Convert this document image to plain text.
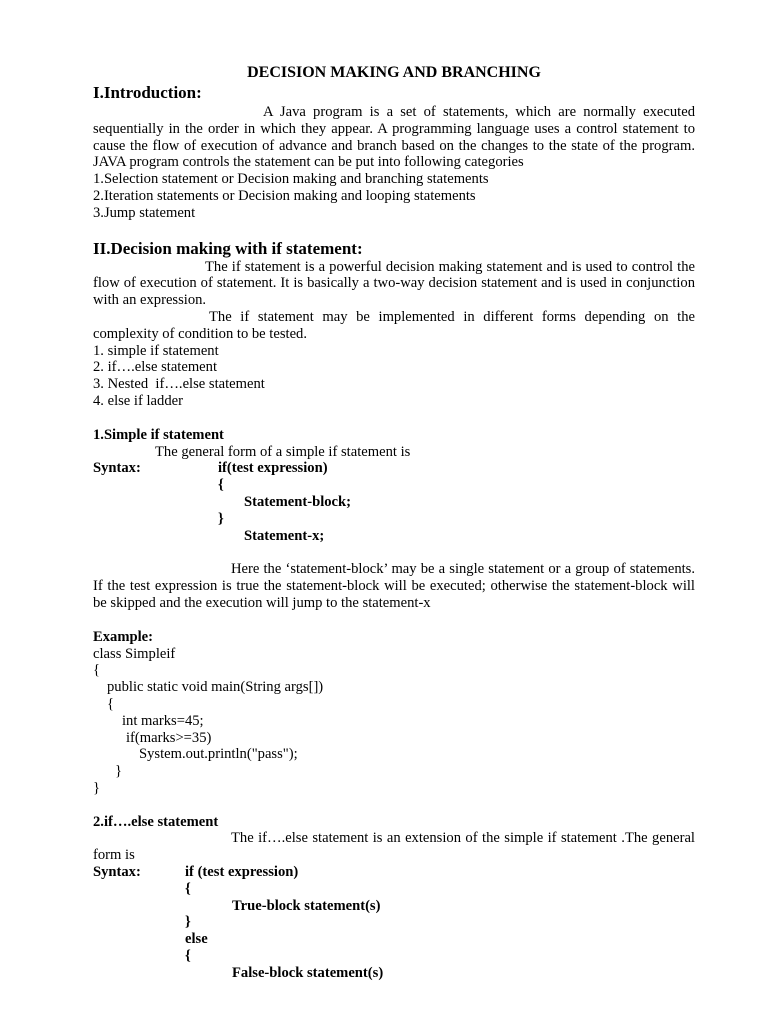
DECISION MAKING AND BRANCHING
I.Introduction:

A Java program is a set of statements, which are normally executed sequentially in the order in which they appear. A programming language uses a control statement to cause the flow of execution of advance and branch based on the changes to the state of the program. JAVA program controls the statement can be put into following categories

1.Selection statement or Decision making and branching statements

2.Iteration statements or Decision making and looping statements

3.Jump statement

II.Decision making with if statement:

The if statement is a powerful decision making statement and is used to control the flow of execution of statement. It is basically a two-way decision statement and is used in conjunction with an expression.

The if statement may be implemented in different forms depending on the complexity of condition to be tested.

1. simple if statement

2. if….else statement

3. Nested  if….else statement

4. else if ladder

1.Simple if statement

The general form of a simple if statement is

Syntax:	if(test expression)

{

Statement-block;

}

Statement-x;

Here the ‘statement-block’ may be a single statement or a group of statements. If the test expression is true the statement-block will be executed; otherwise the statement-block will be skipped and the execution will jump to the statement-x

Example:

class Simpleif

{

public static void main(String args[])

{

int marks=45;

if(marks>=35)

System.out.println("pass");

}

}

2.if….else statement

The if….else statement is an extension of the simple if statement .The general form is

Syntax:	if (test expression)

{

True-block statement(s)

}

else

{

False-block statement(s)
